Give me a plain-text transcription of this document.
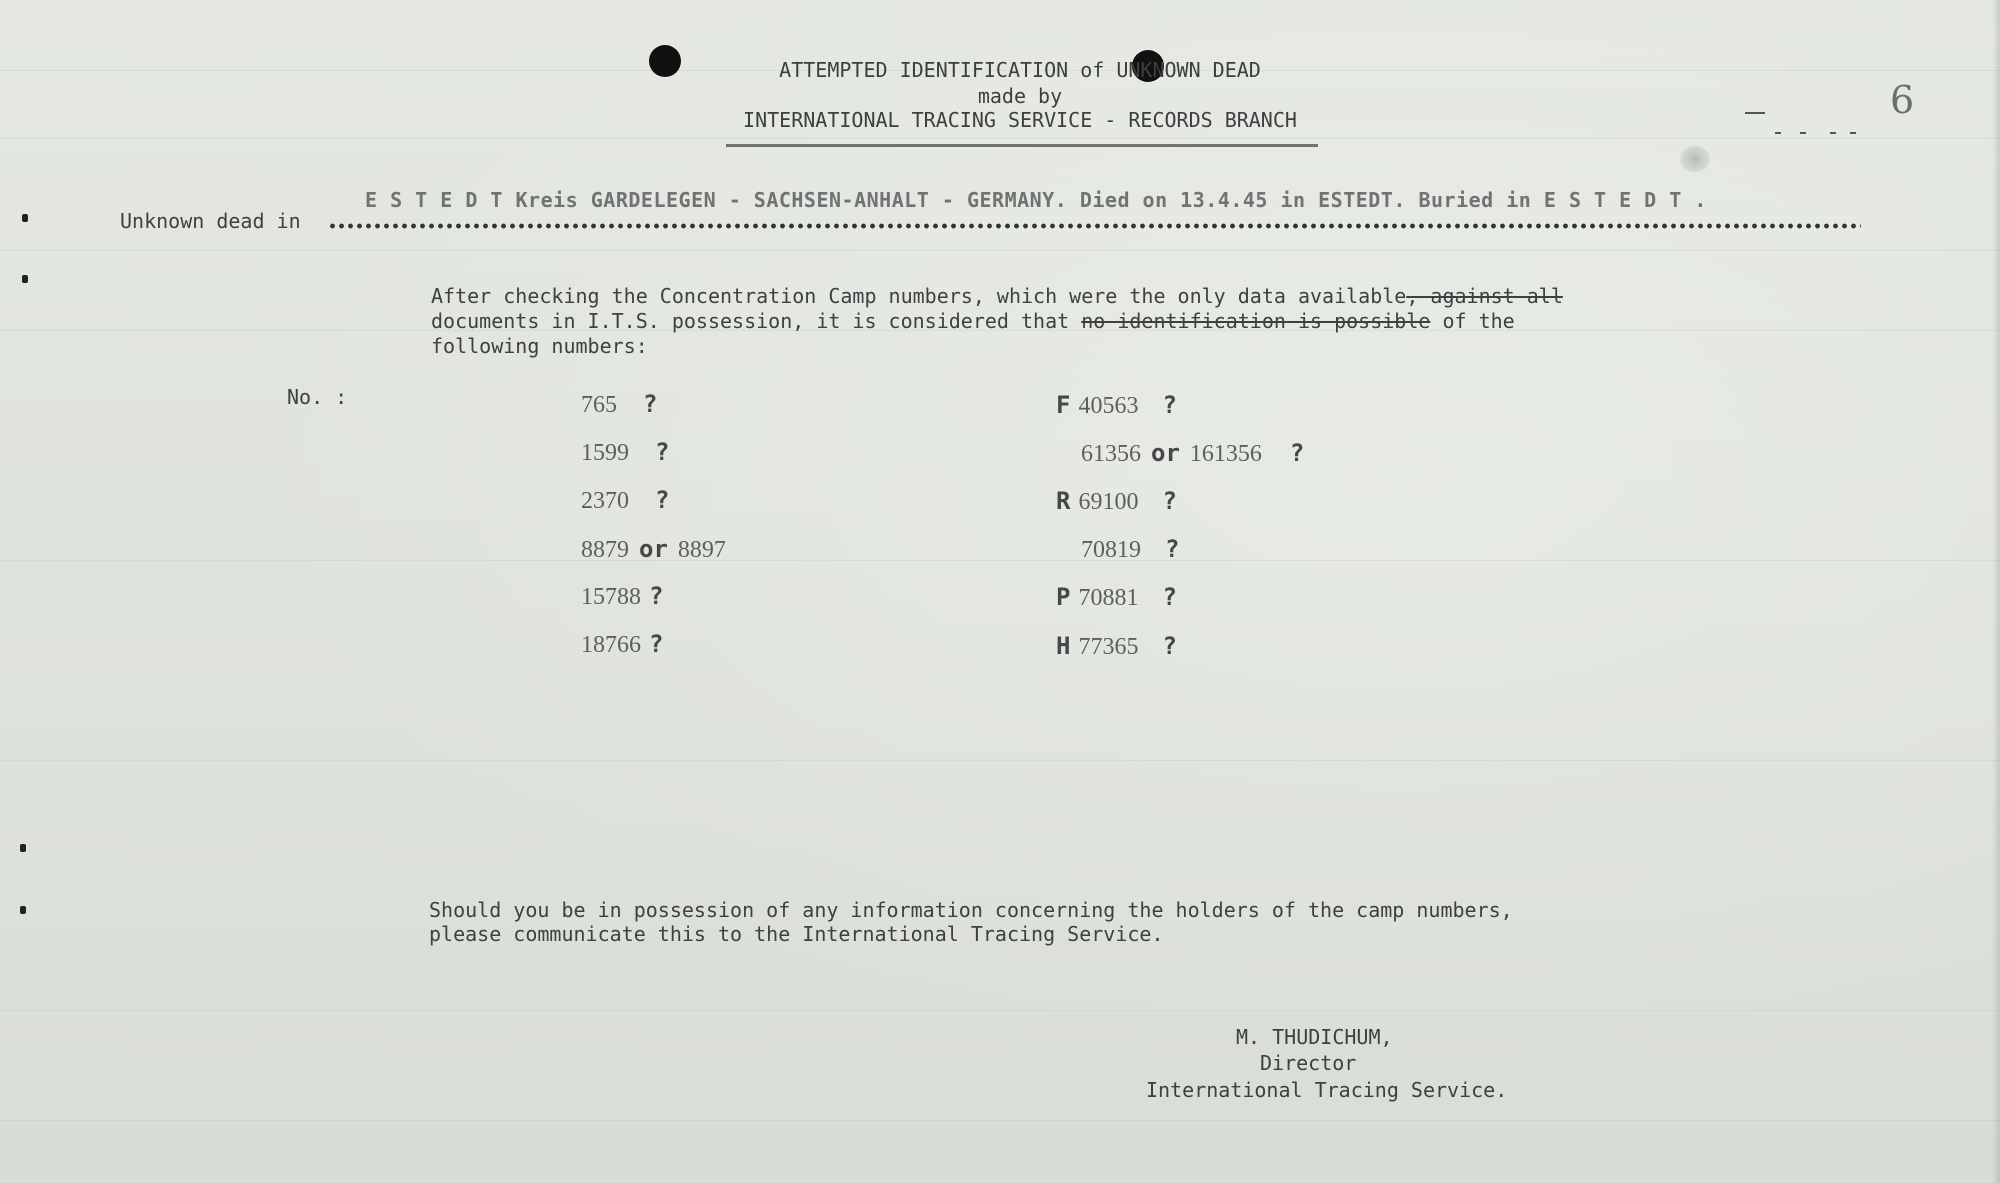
ATTEMPTED IDENTIFICATION of UNKNOWN DEAD
made by
INTERNATIONAL TRACING SERVICE - RECORDS BRANCH	6
E S T E D T Kreis GARDELEGEN - SACHSEN-ANHALT - GERMANY. Died on 13.4.45 in ESTEDT. Buried in E S T E D T .
Unknown dead in
After checking the Concentration Camp numbers, which were the only data available, against all
documents in I.T.S. possession, it is considered that no identification is possible of the
following numbers:
No. :	765 ?
1599 ?
2370 ?
8879 or 8897
15788 ?
18766 ?
F 40563 ?
61356 or 161356 ?
R 69100 ?
70819 ?
P 70881 ?
H 77365 ?
Should you be in possession of any information concerning the holders of the camp numbers,
please communicate this to the International Tracing Service.
M. THUDICHUM,
Director
International Tracing Service.
